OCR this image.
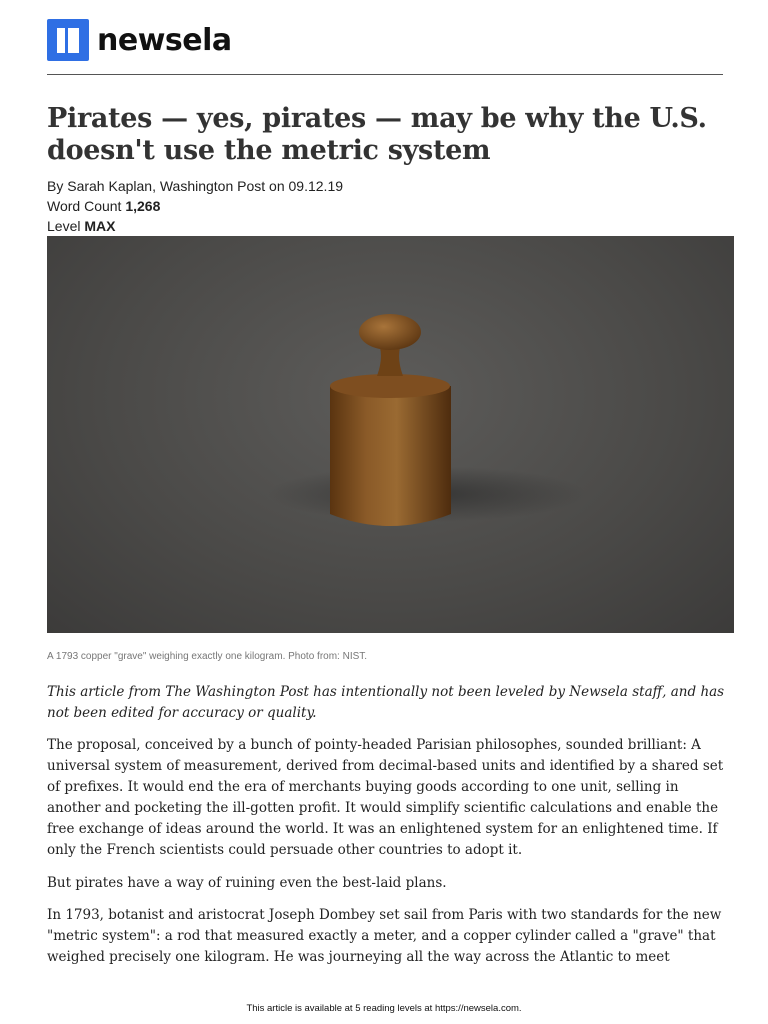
newsela
Pirates — yes, pirates — may be why the U.S. doesn't use the metric system
By Sarah Kaplan, Washington Post on 09.12.19
Word Count 1,268
Level MAX
A 1793 copper "grave" weighing exactly one kilogram. Photo from: NIST.

This article from The Washington Post has intentionally not been leveled by Newsela staff, and has not been edited for accuracy or quality.

The proposal, conceived by a bunch of pointy-headed Parisian philosophes, sounded brilliant: A universal system of measurement, derived from decimal-based units and identified by a shared set of prefixes. It would end the era of merchants buying goods according to one unit, selling in another and pocketing the ill-gotten profit. It would simplify scientific calculations and enable the free exchange of ideas around the world. It was an enlightened system for an enlightened time. If only the French scientists could persuade other countries to adopt it.

But pirates have a way of ruining even the best-laid plans.

In 1793, botanist and aristocrat Joseph Dombey set sail from Paris with two standards for the new "metric system": a rod that measured exactly a meter, and a copper cylinder called a "grave" that weighed precisely one kilogram. He was journeying all the way across the Atlantic to meet

This article is available at 5 reading levels at https://newsela.com.
